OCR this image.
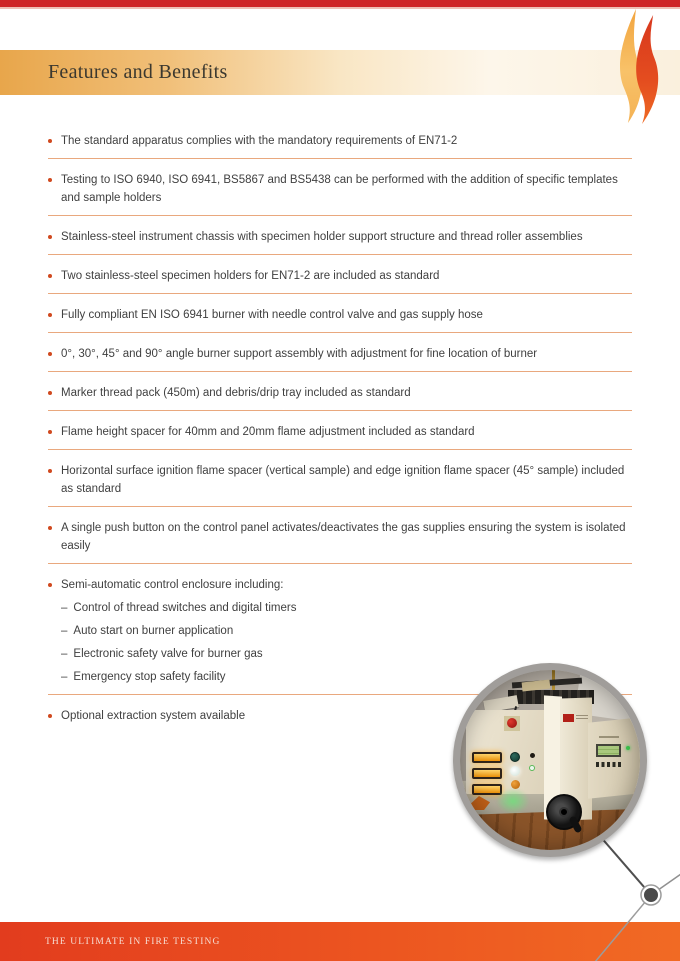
Features and Benefits
The standard apparatus complies with the mandatory requirements of EN71-2
Testing to ISO 6940, ISO 6941, BS5867 and BS5438 can be performed with the addition of specific templates and sample holders
Stainless-steel instrument chassis with specimen holder support structure and thread roller assemblies
Two stainless-steel specimen holders for EN71-2 are included as standard
Fully compliant EN ISO 6941 burner with needle control valve and gas supply hose
0°, 30°, 45° and 90° angle burner support assembly with adjustment for fine location of burner
Marker thread pack (450m) and debris/drip tray included as standard
Flame height spacer for 40mm and 20mm flame adjustment included as standard
Horizontal surface ignition flame spacer (vertical sample) and edge ignition flame spacer (45° sample) included as standard
A single push button on the control panel activates/deactivates the gas supplies ensuring the system is isolated easily
Semi-automatic control enclosure including:
– Control of thread switches and digital timers
– Auto start on burner application
– Electronic safety valve for burner gas
– Emergency stop safety facility
Optional extraction system available
THE ULTIMATE IN FIRE TESTING
